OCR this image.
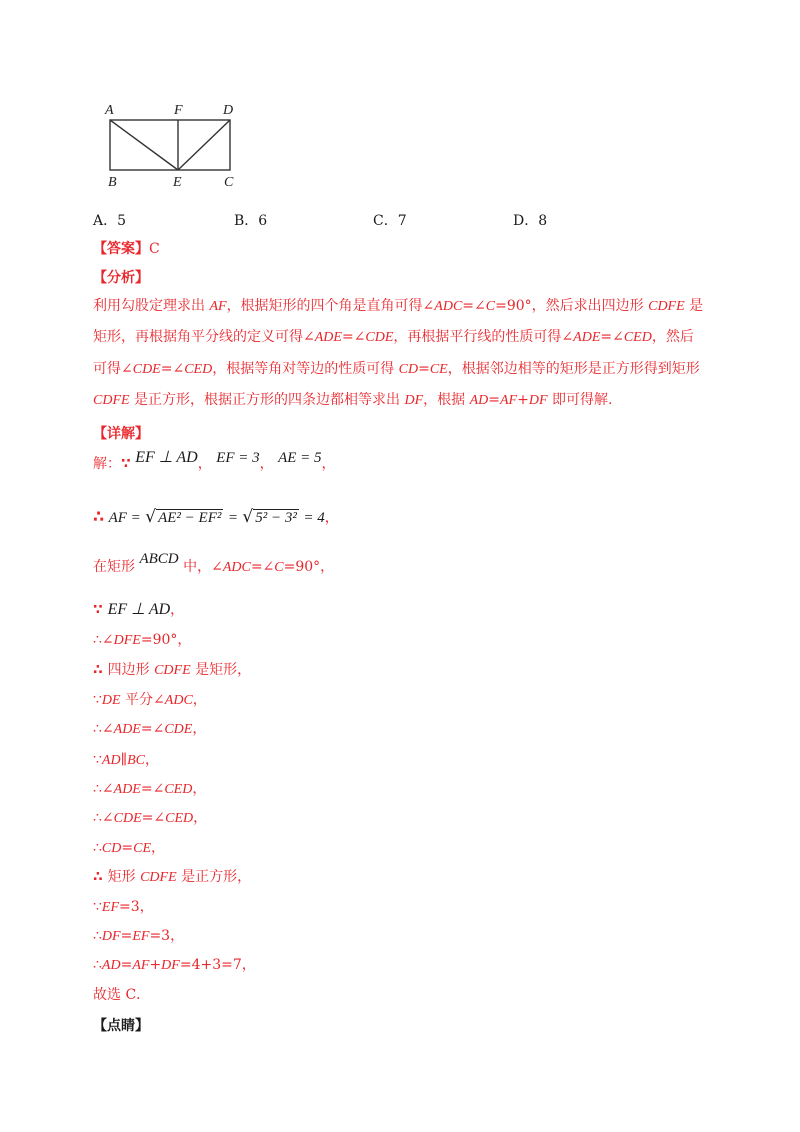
A	F	D
B	E	C
A．5	B．6	C．7	D．8
【答案】C
【分析】
利用勾股定理求出 AF，根据矩形的四个角是直角可得∠ADC=∠C=90°，然后求出四边形 CDFE 是
矩形，再根据角平分线的定义可得∠ADE=∠CDE，再根据平行线的性质可得∠ADE=∠CED，然后
可得∠CDE=∠CED，根据等角对等边的性质可得 CD=CE，根据邻边相等的矩形是正方形得到矩形
CDFE 是正方形，根据正方形的四条边都相等求出 DF，根据 AD=AF+DF 即可得解.
【详解】
解：∵ EF ⊥ AD， EF = 3， AE = 5，
∴ AF = √ AE² − EF² = √ 5² − 3² = 4，
在矩形 ABCD 中，∠ADC=∠C=90°，
∵ EF ⊥ AD，
∴∠DFE=90°，
∴ 四边形 CDFE 是矩形，
∵DE 平分∠ADC，
∴∠ADE=∠CDE，
∵AD∥BC，
∴∠ADE=∠CED，
∴∠CDE=∠CED，
∴CD=CE，
∴ 矩形 CDFE 是正方形，
∵EF=3，
∴DF=EF=3，
∴AD=AF+DF=4+3=7，
故选 C．
【点睛】
